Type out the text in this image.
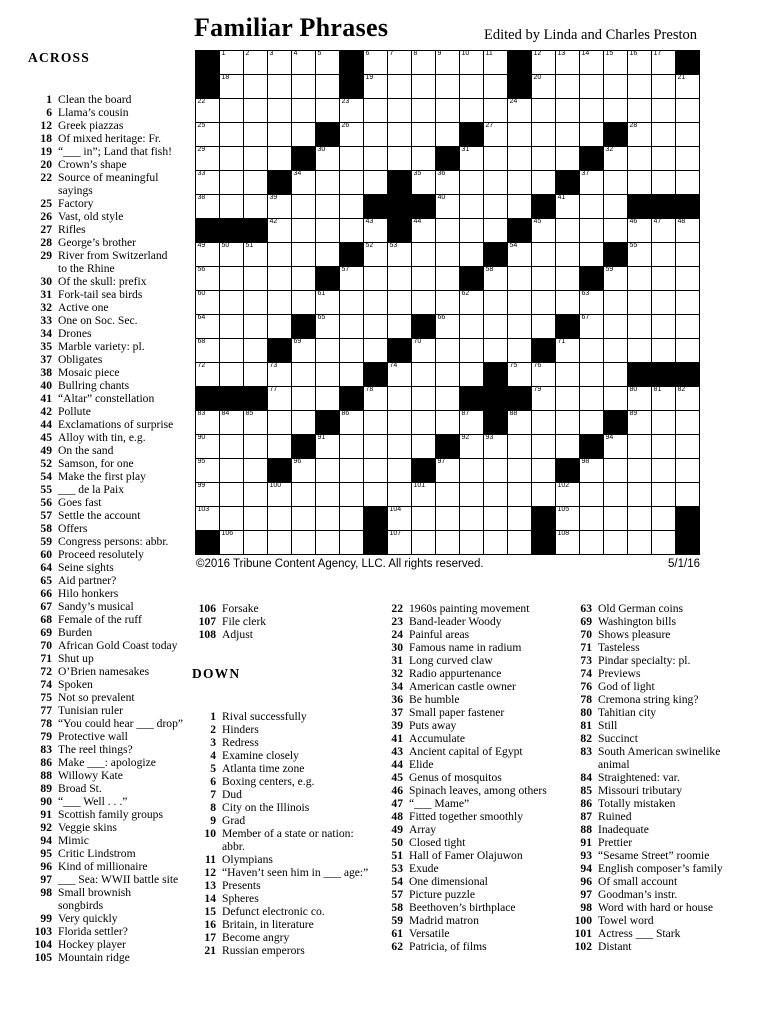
Familiar Phrases	Edited by Linda and Charles Preston
ACROSS	1	2	3	4	5	6	7	8	9	10 11	12 13 14 15 16 17
18	19	20	21
22	23	24
25	26	27	28
29	30	31	32
33	34	35 36	37
38	39	40	41
42	43	44	45	46 47 48
49 50 51	52 53	54	55
56	57	58	59
60	61	62	63
64	65	66	67
68	69	70	71
72	73	74	75 76
77	78	79	80 81 82
83 84 85	86	87	88	89
90	91	92 93	94
95	96	97	98
99	100	101	102
103	104	105
106	107	108
©2016 Tribune Content Agency, LLC. All rights reserved.	5/1/16
1 Clean the board
6 Llama’s cousin
12 Greek piazzas
18 Of mixed heritage: Fr.
19 “___ in”; Land that fish!
20 Crown’s shape
22 Source of meaningful
sayings
25 Factory
26 Vast, old style
27 Rifles
28 George’s brother
29 River from Switzerland
to the Rhine
30 Of the skull: prefix
31 Fork-tail sea birds
32 Active one
33 One on Soc. Sec.
34 Drones
35 Marble variety: pl.
37 Obligates
38 Mosaic piece
40 Bullring chants
41 “Altar” constellation
42 Pollute
44 Exclamations of surprise
45 Alloy with tin, e.g.
49 On the sand
52 Samson, for one
54 Make the first play
55 ___ de la Paix
56 Goes fast
57 Settle the account
58 Offers
59 Congress persons: abbr.
60 Proceed resolutely
64 Seine sights
65 Aid partner?
66 Hilo honkers
67 Sandy’s musical
68 Female of the ruff
69 Burden
70 African Gold Coast today
71 Shut up
72 O’Brien namesakes
74 Spoken
75 Not so prevalent
77 Tunisian ruler
78 “You could hear ___ drop”
79 Protective wall
83 The reel things?
86 Make ___: apologize
88 Willowy Kate
89 Broad St.
90 “___ Well . . .”
91 Scottish family groups
92 Veggie skins
94 Mimic
95 Critic Lindstrom
96 Kind of millionaire
97 ___ Sea: WWII battle site
98 Small brownish
songbirds
99 Very quickly
103 Florida settler?
104 Hockey player
105 Mountain ridge
106 Forsake
107 File clerk
108 Adjust
DOWN
1 Rival successfully
2 Hinders
3 Redress
4 Examine closely
5 Atlanta time zone
6 Boxing centers, e.g.
7 Dud
8 City on the Illinois
9 Grad
10 Member of a state or nation:
abbr.
11 Olympians
12 “Haven’t seen him in ___ age:”
13 Presents
14 Spheres
15 Defunct electronic co.
16 Britain, in literature
17 Become angry
21 Russian emperors
22 1960s painting movement
23 Band-leader Woody
24 Painful areas
30 Famous name in radium
31 Long curved claw
32 Radio appurtenance
34 American castle owner
36 Be humble
37 Small paper fastener
39 Puts away
41 Accumulate
43 Ancient capital of Egypt
44 Elide
45 Genus of mosquitos
46 Spinach leaves, among others
47 “___ Mame”
48 Fitted together smoothly
49 Array
50 Closed tight
51 Hall of Famer Olajuwon
53 Exude
54 One dimensional
57 Picture puzzle
58 Beethoven’s birthplace
59 Madrid matron
61 Versatile
62 Patricia, of films
63 Old German coins
69 Washington bills
70 Shows pleasure
71 Tasteless
73 Pindar specialty: pl.
74 Previews
76 God of light
78 Cremona string king?
80 Tahitian city
81 Still
82 Succinct
83 South American swinelike
animal
84 Straightened: var.
85 Missouri tributary
86 Totally mistaken
87 Ruined
88 Inadequate
91 Prettier
93 “Sesame Street” roomie
94 English composer’s family
96 Of small account
97 Goodman’s instr.
98 Word with hard or house
100 Towel word
101 Actress ___ Stark
102 Distant
